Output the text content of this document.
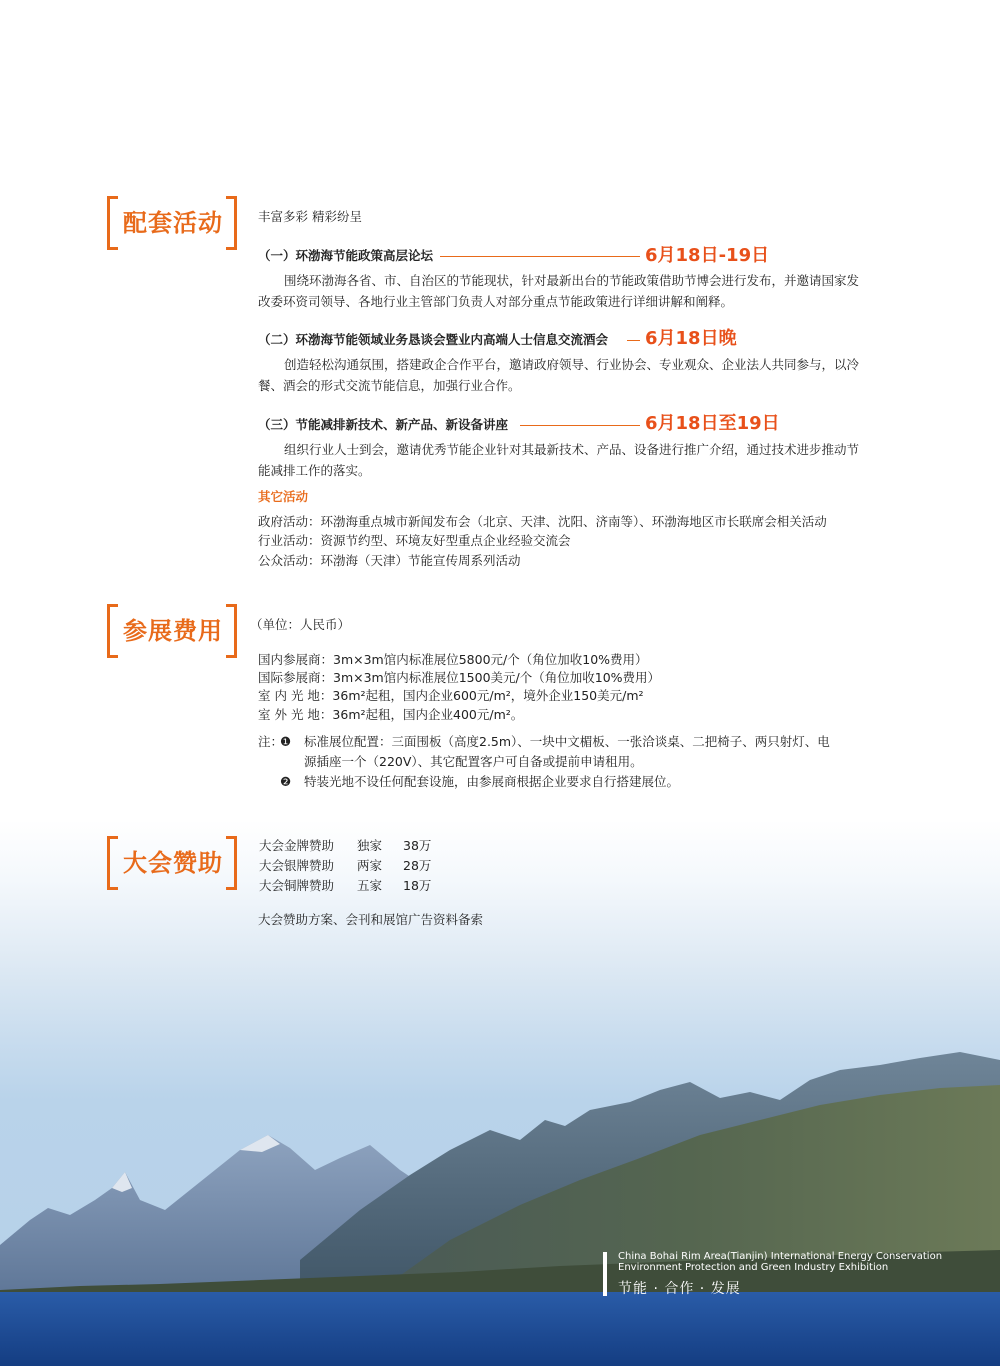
配套活动	丰富多彩 精彩纷呈
（一）环渤海节能政策高层论坛	6月18日-19日
围绕环渤海各省、市、自治区的节能现状，针对最新出台的节能政策借助节博会进行发布，并邀请国家发改委环资司领导、各地行业主管部门负责人对部分重点节能政策进行详细讲解和阐释。
（二）环渤海节能领域业务恳谈会暨业内高端人士信息交流酒会 6月18日晚
创造轻松沟通氛围，搭建政企合作平台，邀请政府领导、行业协会、专业观众、企业法人共同参与，以冷餐、酒会的形式交流节能信息，加强行业合作。
（三）节能减排新技术、新产品、新设备讲座	6月18日至19日
组织行业人士到会，邀请优秀节能企业针对其最新技术、产品、设备进行推广介绍，通过技术进步推动节能减排工作的落实。
其它活动
政府活动：环渤海重点城市新闻发布会（北京、天津、沈阳、济南等）、环渤海地区市长联席会相关活动
行业活动：资源节约型、环境友好型重点企业经验交流会
公众活动：环渤海（天津）节能宣传周系列活动
参展费用	（单位：人民币）
国内参展商：3m×3m馆内标准展位5800元/个（角位加收10%费用）
国际参展商：3m×3m馆内标准展位1500美元/个（角位加收10%费用）
室 内 光 地：36m²起租，国内企业600元/m²，境外企业150美元/m²
室 外 光 地：36m²起租，国内企业400元/m²。
注：
❶ 标准展位配置：三面围板（高度2.5m）、一块中文楣板、一张洽谈桌、二把椅子、两只射灯、电
源插座一个（220V）、其它配置客户可自备或提前申请租用。
❷ 特装光地不设任何配套设施，由参展商根据企业要求自行搭建展位。
大会赞助
大会金牌赞助	独家	38万
大会银牌赞助	两家	28万
大会铜牌赞助	五家	18万
大会赞助方案、会刊和展馆广告资料备索
China Bohai Rim Area(Tianjin) International Energy Conservation
Environment Protection and Green Industry Exhibition
节能 · 合作 · 发展
